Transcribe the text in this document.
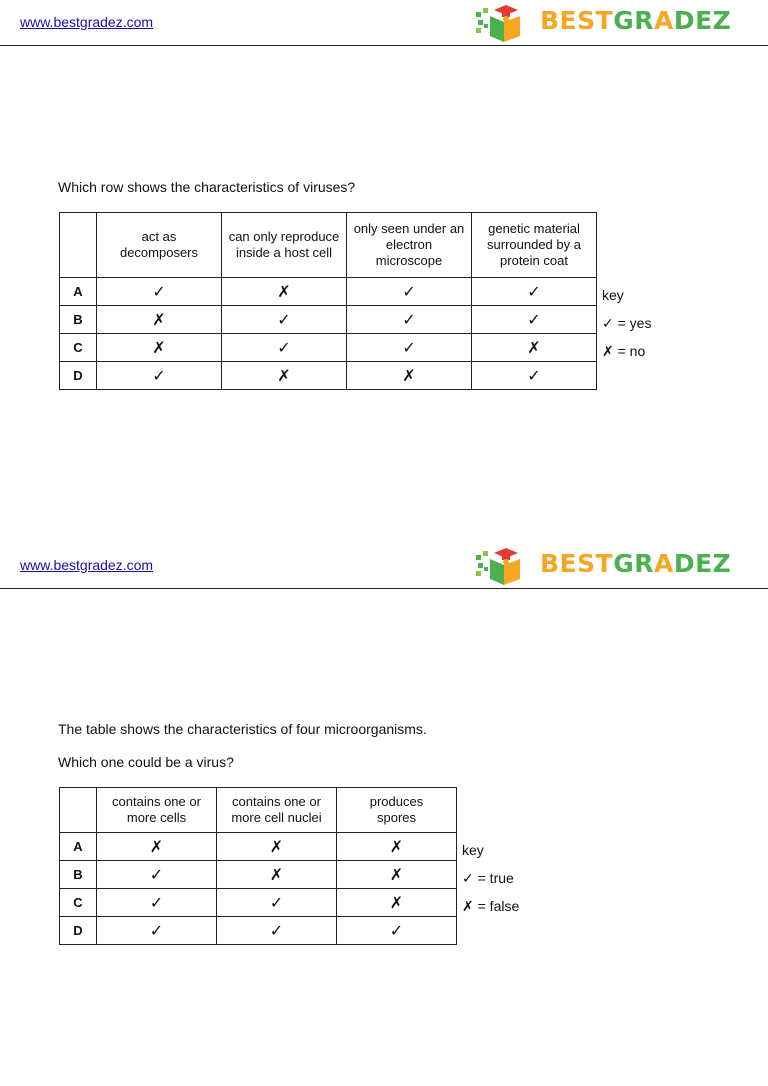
www.bestgradez.com	BESTGRADEZ
Which row shows the characteristics of viruses?

	act as decomposers	can only reproduce inside a host cell	only seen under an electron microscope	genetic material surrounded by a protein coat

A	✓	✗	✓	✓
B	✗	✓	✓	✓
C	✗	✓	✓	✗
D	✓	✗	✗	✓
key
✓ = yes
✗ = no
www.bestgradez.com	BESTGRADEZ
The table shows the characteristics of four microorganisms.
Which one could be a virus?

	contains one or more cells	contains one or more cell nuclei	produces spores

A	✗	✗	✗
B	✓	✗	✗
C	✓	✓	✗
D	✓	✓	✓
key
✓ = true
✗ = false
